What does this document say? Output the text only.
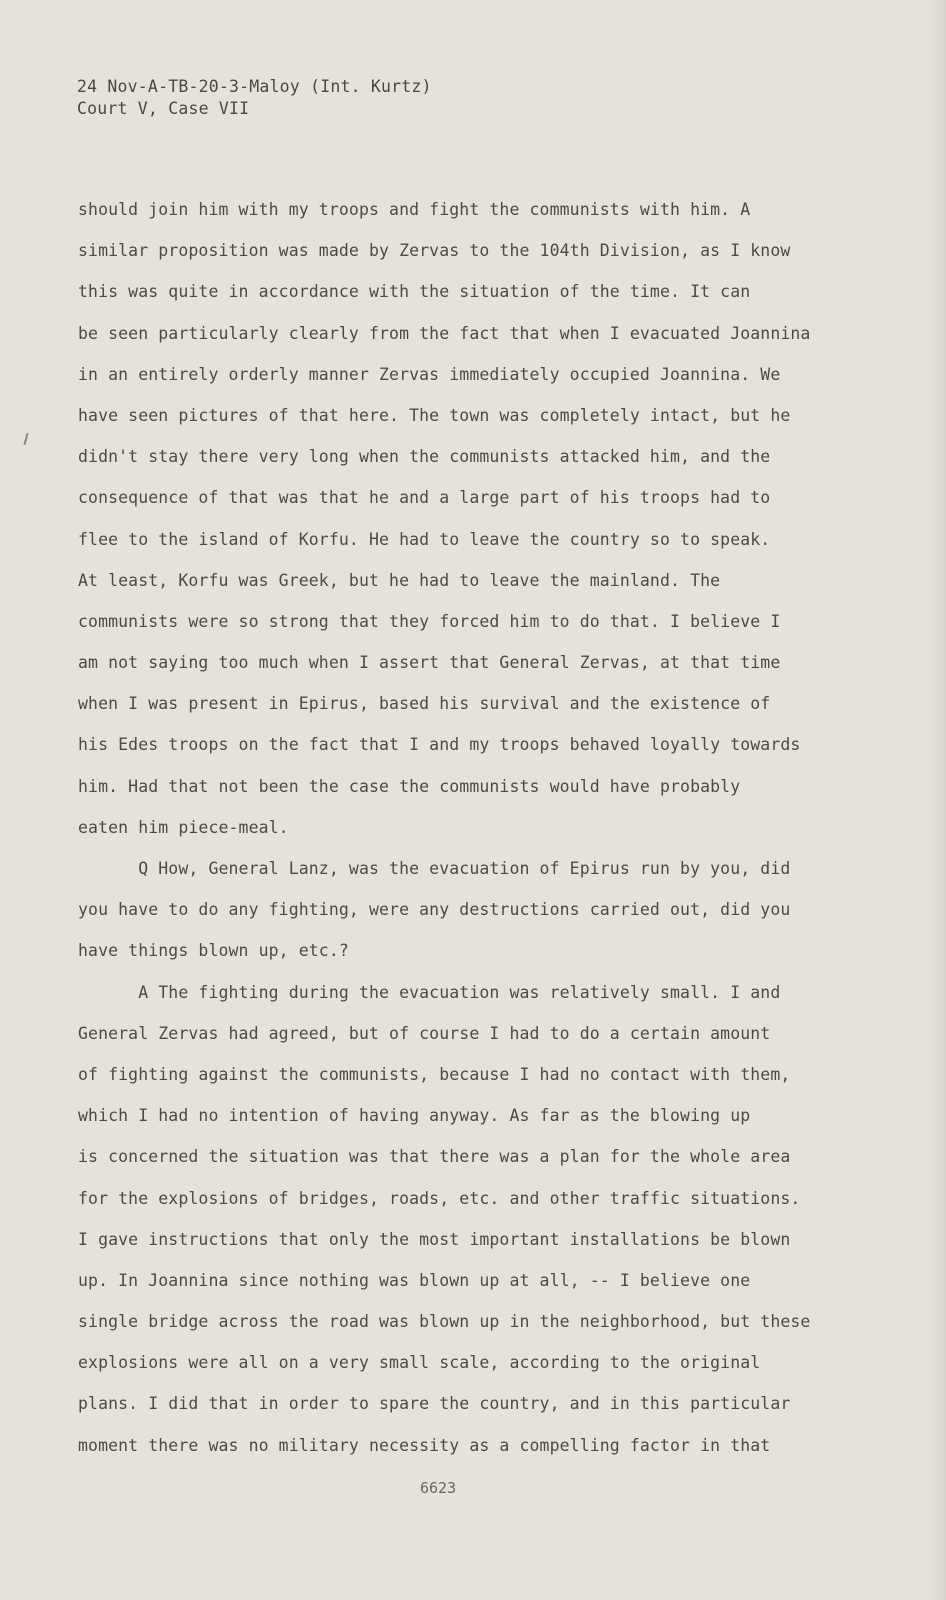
24 Nov-A-TB-20-3-Maloy (Int. Kurtz)
Court V, Case VII
should join him with my troops and fight the communists with him. A
similar proposition was made by Zervas to the 104th Division, as I know
this was quite in accordance with the situation of the time. It can
be seen particularly clearly from the fact that when I evacuated Joannina
in an entirely orderly manner Zervas immediately occupied Joannina. We
have seen pictures of that here. The town was completely intact, but he
didn't stay there very long when the communists attacked him, and the
consequence of that was that he and a large part of his troops had to
flee to the island of Korfu. He had to leave the country so to speak.
At least, Korfu was Greek, but he had to leave the mainland. The
communists were so strong that they forced him to do that. I believe I
am not saying too much when I assert that General Zervas, at that time
when I was present in Epirus, based his survival and the existence of
his Edes troops on the fact that I and my troops behaved loyally towards
him. Had that not been the case the communists would have probably
eaten him piece-meal.
Q How, General Lanz, was the evacuation of Epirus run by you, did
you have to do any fighting, were any destructions carried out, did you
have things blown up, etc.?
A The fighting during the evacuation was relatively small. I and
General Zervas had agreed, but of course I had to do a certain amount
of fighting against the communists, because I had no contact with them,
which I had no intention of having anyway. As far as the blowing up
is concerned the situation was that there was a plan for the whole area
for the explosions of bridges, roads, etc. and other traffic situations.
I gave instructions that only the most important installations be blown
up. In Joannina since nothing was blown up at all, -- I believe one
single bridge across the road was blown up in the neighborhood, but these
explosions were all on a very small scale, according to the original
plans. I did that in order to spare the country, and in this particular
moment there was no military necessity as a compelling factor in that
6623
